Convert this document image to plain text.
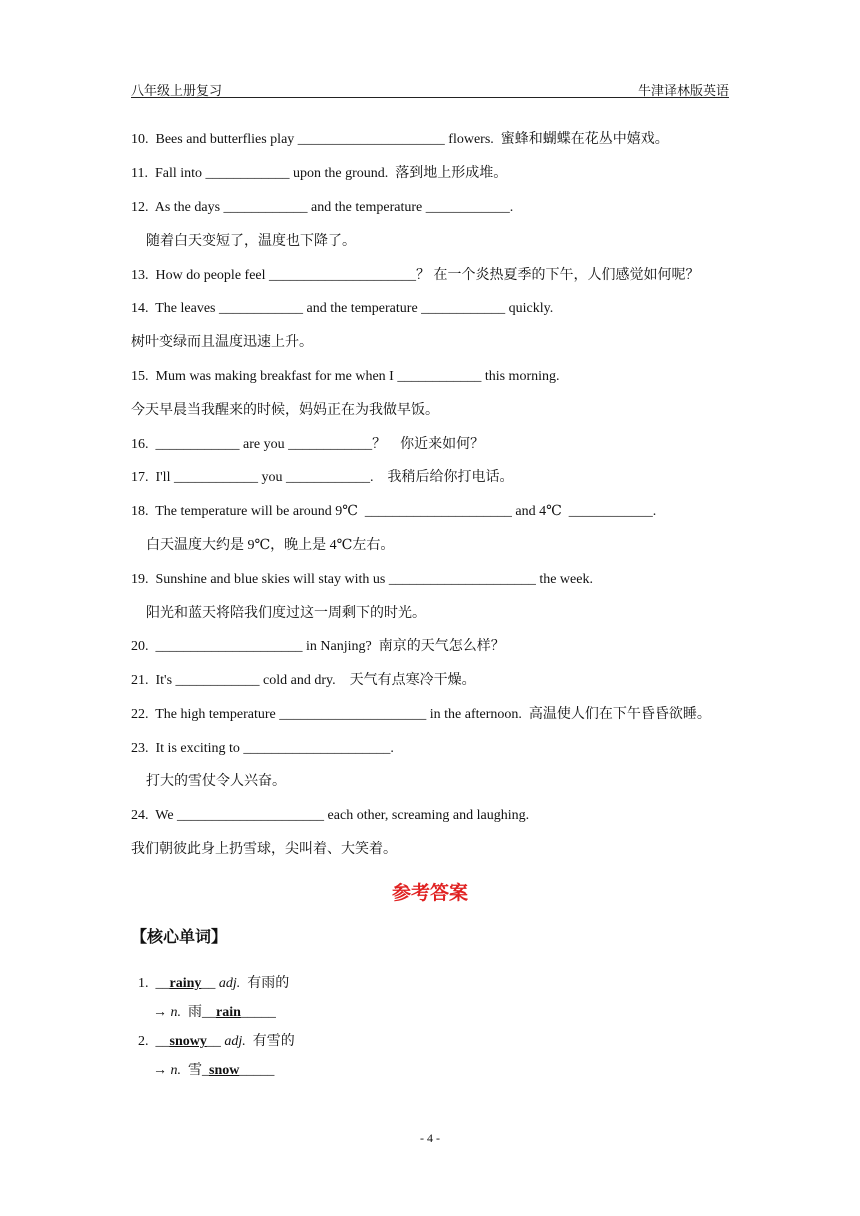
八年级上册复习	牛津译林版英语
10.  Bees and butterflies play _____________________ flowers.  蜜蜂和蝴蝶在花丛中嬉戏。
11.  Fall into ____________ upon the ground.  落到地上形成堆。
12.  As the days ____________ and the temperature ____________.
随着白天变短了，温度也下降了。
13.  How do people feel _____________________？ 在一个炎热夏季的下午，人们感觉如何呢？
14.  The leaves ____________ and the temperature ____________ quickly.
树叶变绿而且温度迅速上升。
15.  Mum was making breakfast for me when I ____________ this morning.
今天早晨当我醒来的时候，妈妈正在为我做早饭。
16.  ____________ are you ____________？    你近来如何？
17.  I'll ____________ you ____________.    我稍后给你打电话。
18.  The temperature will be around 9℃  _____________________ and 4℃  ____________.
白天温度大约是 9℃，晚上是 4℃左右。
19.  Sunshine and blue skies will stay with us _____________________ the week.
阳光和蓝天将陪我们度过这一周剩下的时光。
20.  _____________________ in Nanjing?  南京的天气怎么样？
21.  It's ____________ cold and dry.    天气有点寒冷干燥。
22.  The high temperature _____________________ in the afternoon.  高温使人们在下午昏昏欲睡。
23.  It is exciting to _____________________.
打大的雪仗令人兴奋。
24.  We _____________________ each other, screaming and laughing.
我们朝彼此身上扔雪球，尖叫着、大笑着。
参考答案
【核心单词】

1. __rainy__ adj. 有雨的

→ n. 雨__rain_____

2. __snowy__ adj. 有雪的

→ n. 雪_snow_____

- 4 -
